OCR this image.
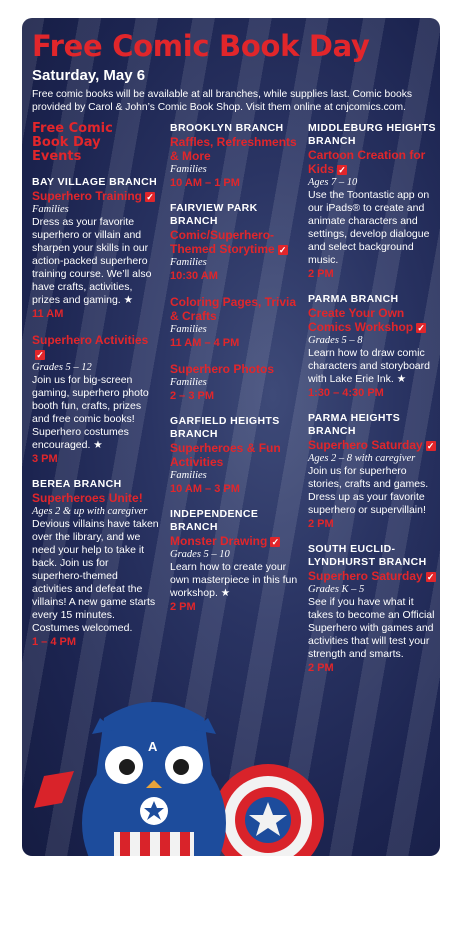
Free Comic Book Day
Saturday, May 6
Free comic books will be available at all branches, while supplies last. Comic books provided by Carol & John’s Comic Book Shop. Visit them online at cnjcomics.com.
Free Comic Book Day Events
BAY VILLAGE BRANCH
Superhero Training ✓
Families
Dress as your favorite superhero or villain and sharpen your skills in our action-packed superhero training course. We’ll also have crafts, activities, prizes and gaming. ★
11 AM
Superhero Activities✓
Grades 5 – 12
Join us for big-screen gaming, superhero photo booth fun, crafts, prizes and free comic books! Superhero costumes encouraged. ★
3 PM
BEREA BRANCH
Superheroes Unite!
Ages 2 & up with caregiver
Devious villains have taken over the library, and we need your help to take it back. Join us for superhero-themed activities and defeat the villains! A new game starts every 15 minutes. Costumes welcomed.
1 – 4 PM
BROOKLYN BRANCH
Raffles, Refreshments & More
Families
10 AM – 1 PM
FAIRVIEW PARK BRANCH
Comic/Superhero-Themed Storytime ✓
Families
10:30 AM
Coloring Pages, Trivia & Crafts
Families
11 AM – 4 PM
Superhero Photos
Families
2 – 3 PM
GARFIELD HEIGHTS BRANCH
Superheroes & Fun Activities
Families
10 AM – 3 PM
INDEPENDENCE BRANCH
Monster Drawing ✓
Grades 5 – 10
Learn how to create your own masterpiece in this fun workshop. ★
2 PM
MIDDLEBURG HEIGHTS BRANCH
Cartoon Creation for Kids ✓
Ages 7 – 10
Use the Toontastic app on our iPads® to create and animate characters and settings, develop dialogue and select background music.
2 PM
PARMA BRANCH
Create Your Own Comics Workshop ✓
Grades 5 – 8
Learn how to draw comic characters and storyboard with Lake Erie Ink. ★
1:30 – 4:30 PM
PARMA HEIGHTS BRANCH
Superhero Saturday ✓
Ages 2 – 8 with caregiver
Join us for superhero stories, crafts and games. Dress up as your favorite superhero or supervillain!
2 PM
SOUTH EUCLID-LYNDHURST BRANCH
Superhero Saturday ✓
Grades K – 5
See if you have what it takes to become an Official Superhero with games and activities that will test your strength and smarts.
2 PM
A
